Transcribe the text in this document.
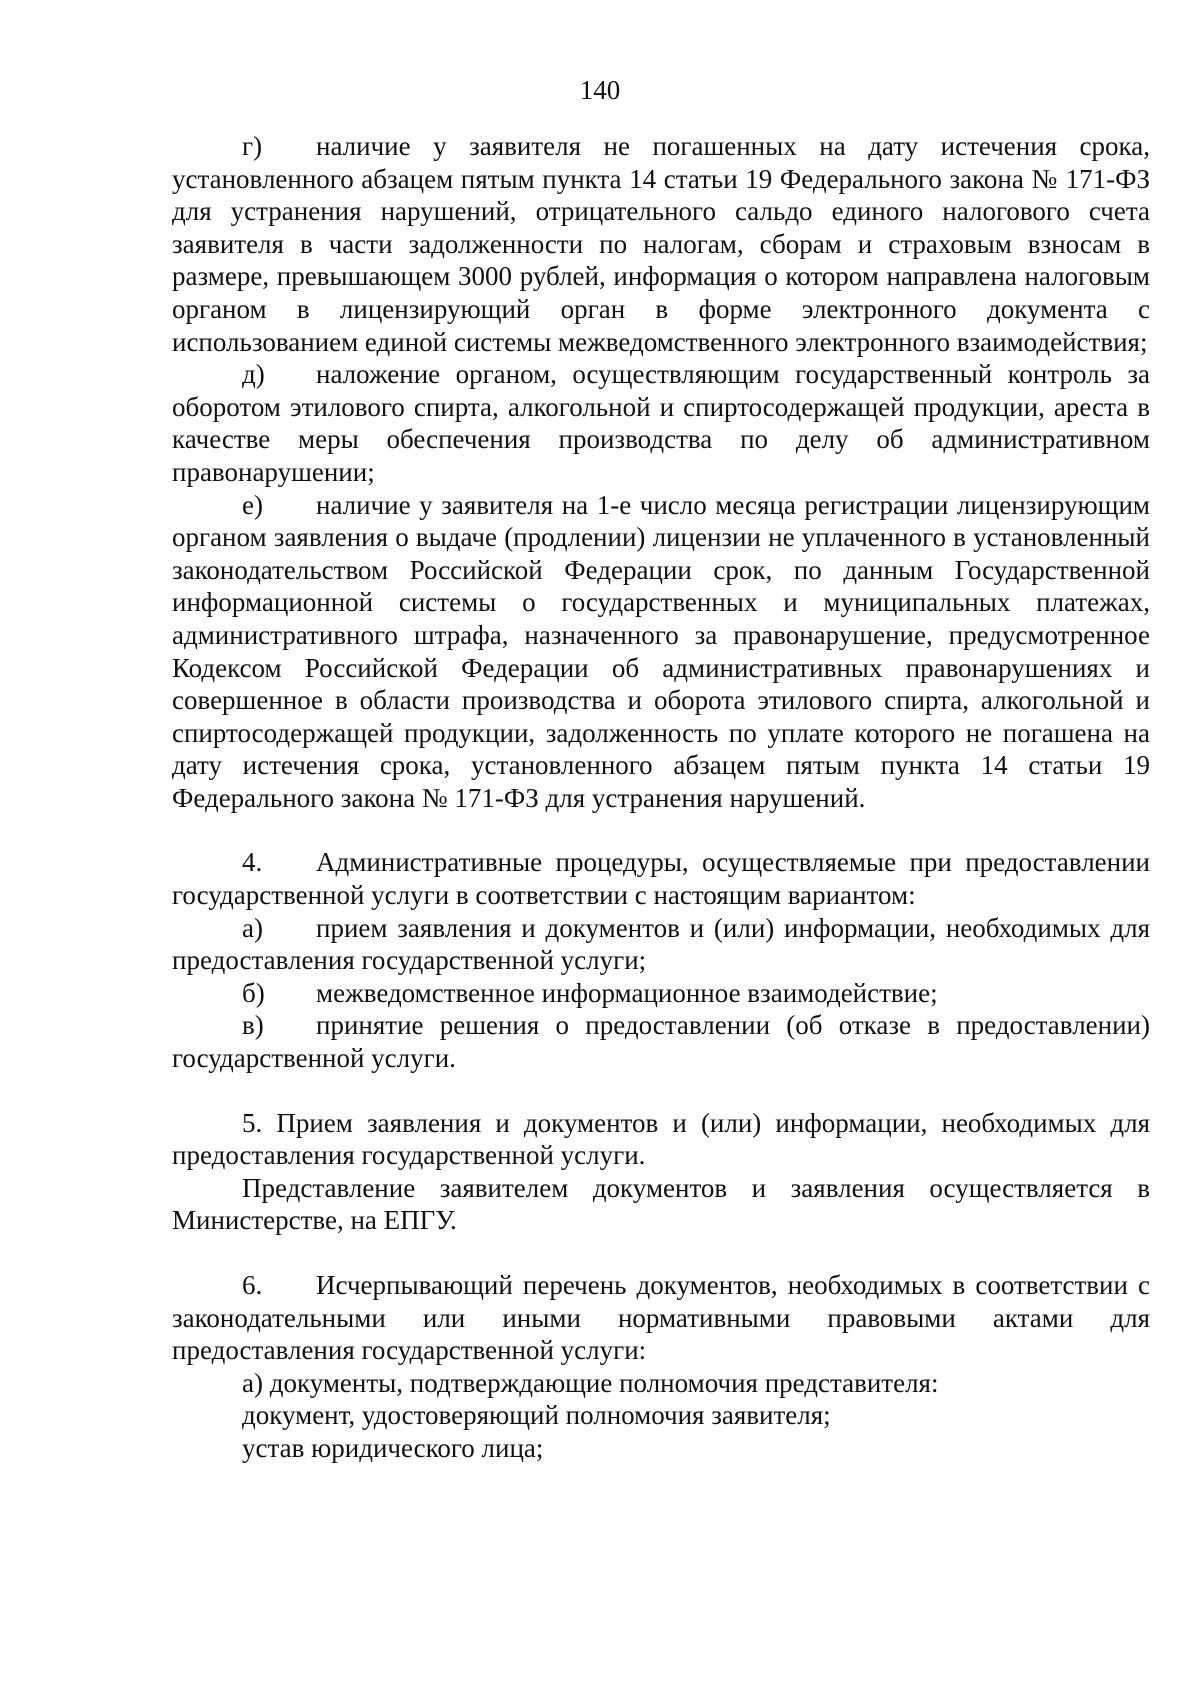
140

г) наличие у заявителя не погашенных на дату истечения срока, установленного абзацем пятым пункта 14 статьи 19 Федерального закона № 171-ФЗ для устранения нарушений, отрицательного сальдо единого налогового счета заявителя в части задолженности по налогам, сборам и страховым взносам в размере, превышающем 3000 рублей, информация о котором направлена налоговым органом в лицензирующий орган в форме электронного документа с использованием единой системы межведомственного электронного взаимодействия;

д) наложение органом, осуществляющим государственный контроль за оборотом этилового спирта, алкогольной и спиртосодержащей продукции, ареста в качестве меры обеспечения производства по делу об административном правонарушении;

е) наличие у заявителя на 1-е число месяца регистрации лицензирующим органом заявления о выдаче (продлении) лицензии не уплаченного в установленный законодательством Российской Федерации срок, по данным Государственной информационной системы о государственных и муниципальных платежах, административного штрафа, назначенного за правонарушение, предусмотренное Кодексом Российской Федерации об административных правонарушениях и совершенное в области производства и оборота этилового спирта, алкогольной и спиртосодержащей продукции, задолженность по уплате которого не погашена на дату истечения срока, установленного абзацем пятым пункта 14 статьи 19 Федерального закона № 171-ФЗ для устранения нарушений.

4. Административные процедуры, осуществляемые при предоставлении государственной услуги в соответствии с настоящим вариантом:

а) прием заявления и документов и (или) информации, необходимых для предоставления государственной услуги;

б) межведомственное информационное взаимодействие;

в) принятие решения о предоставлении (об отказе в предоставлении) государственной услуги.

5. Прием заявления и документов и (или) информации, необходимых для предоставления государственной услуги.

Представление заявителем документов и заявления осуществляется в Министерстве, на ЕПГУ.

6. Исчерпывающий перечень документов, необходимых в соответствии с законодательными или иными нормативными правовыми актами для предоставления государственной услуги:

а) документы, подтверждающие полномочия представителя:

документ, удостоверяющий полномочия заявителя;

устав юридического лица;
